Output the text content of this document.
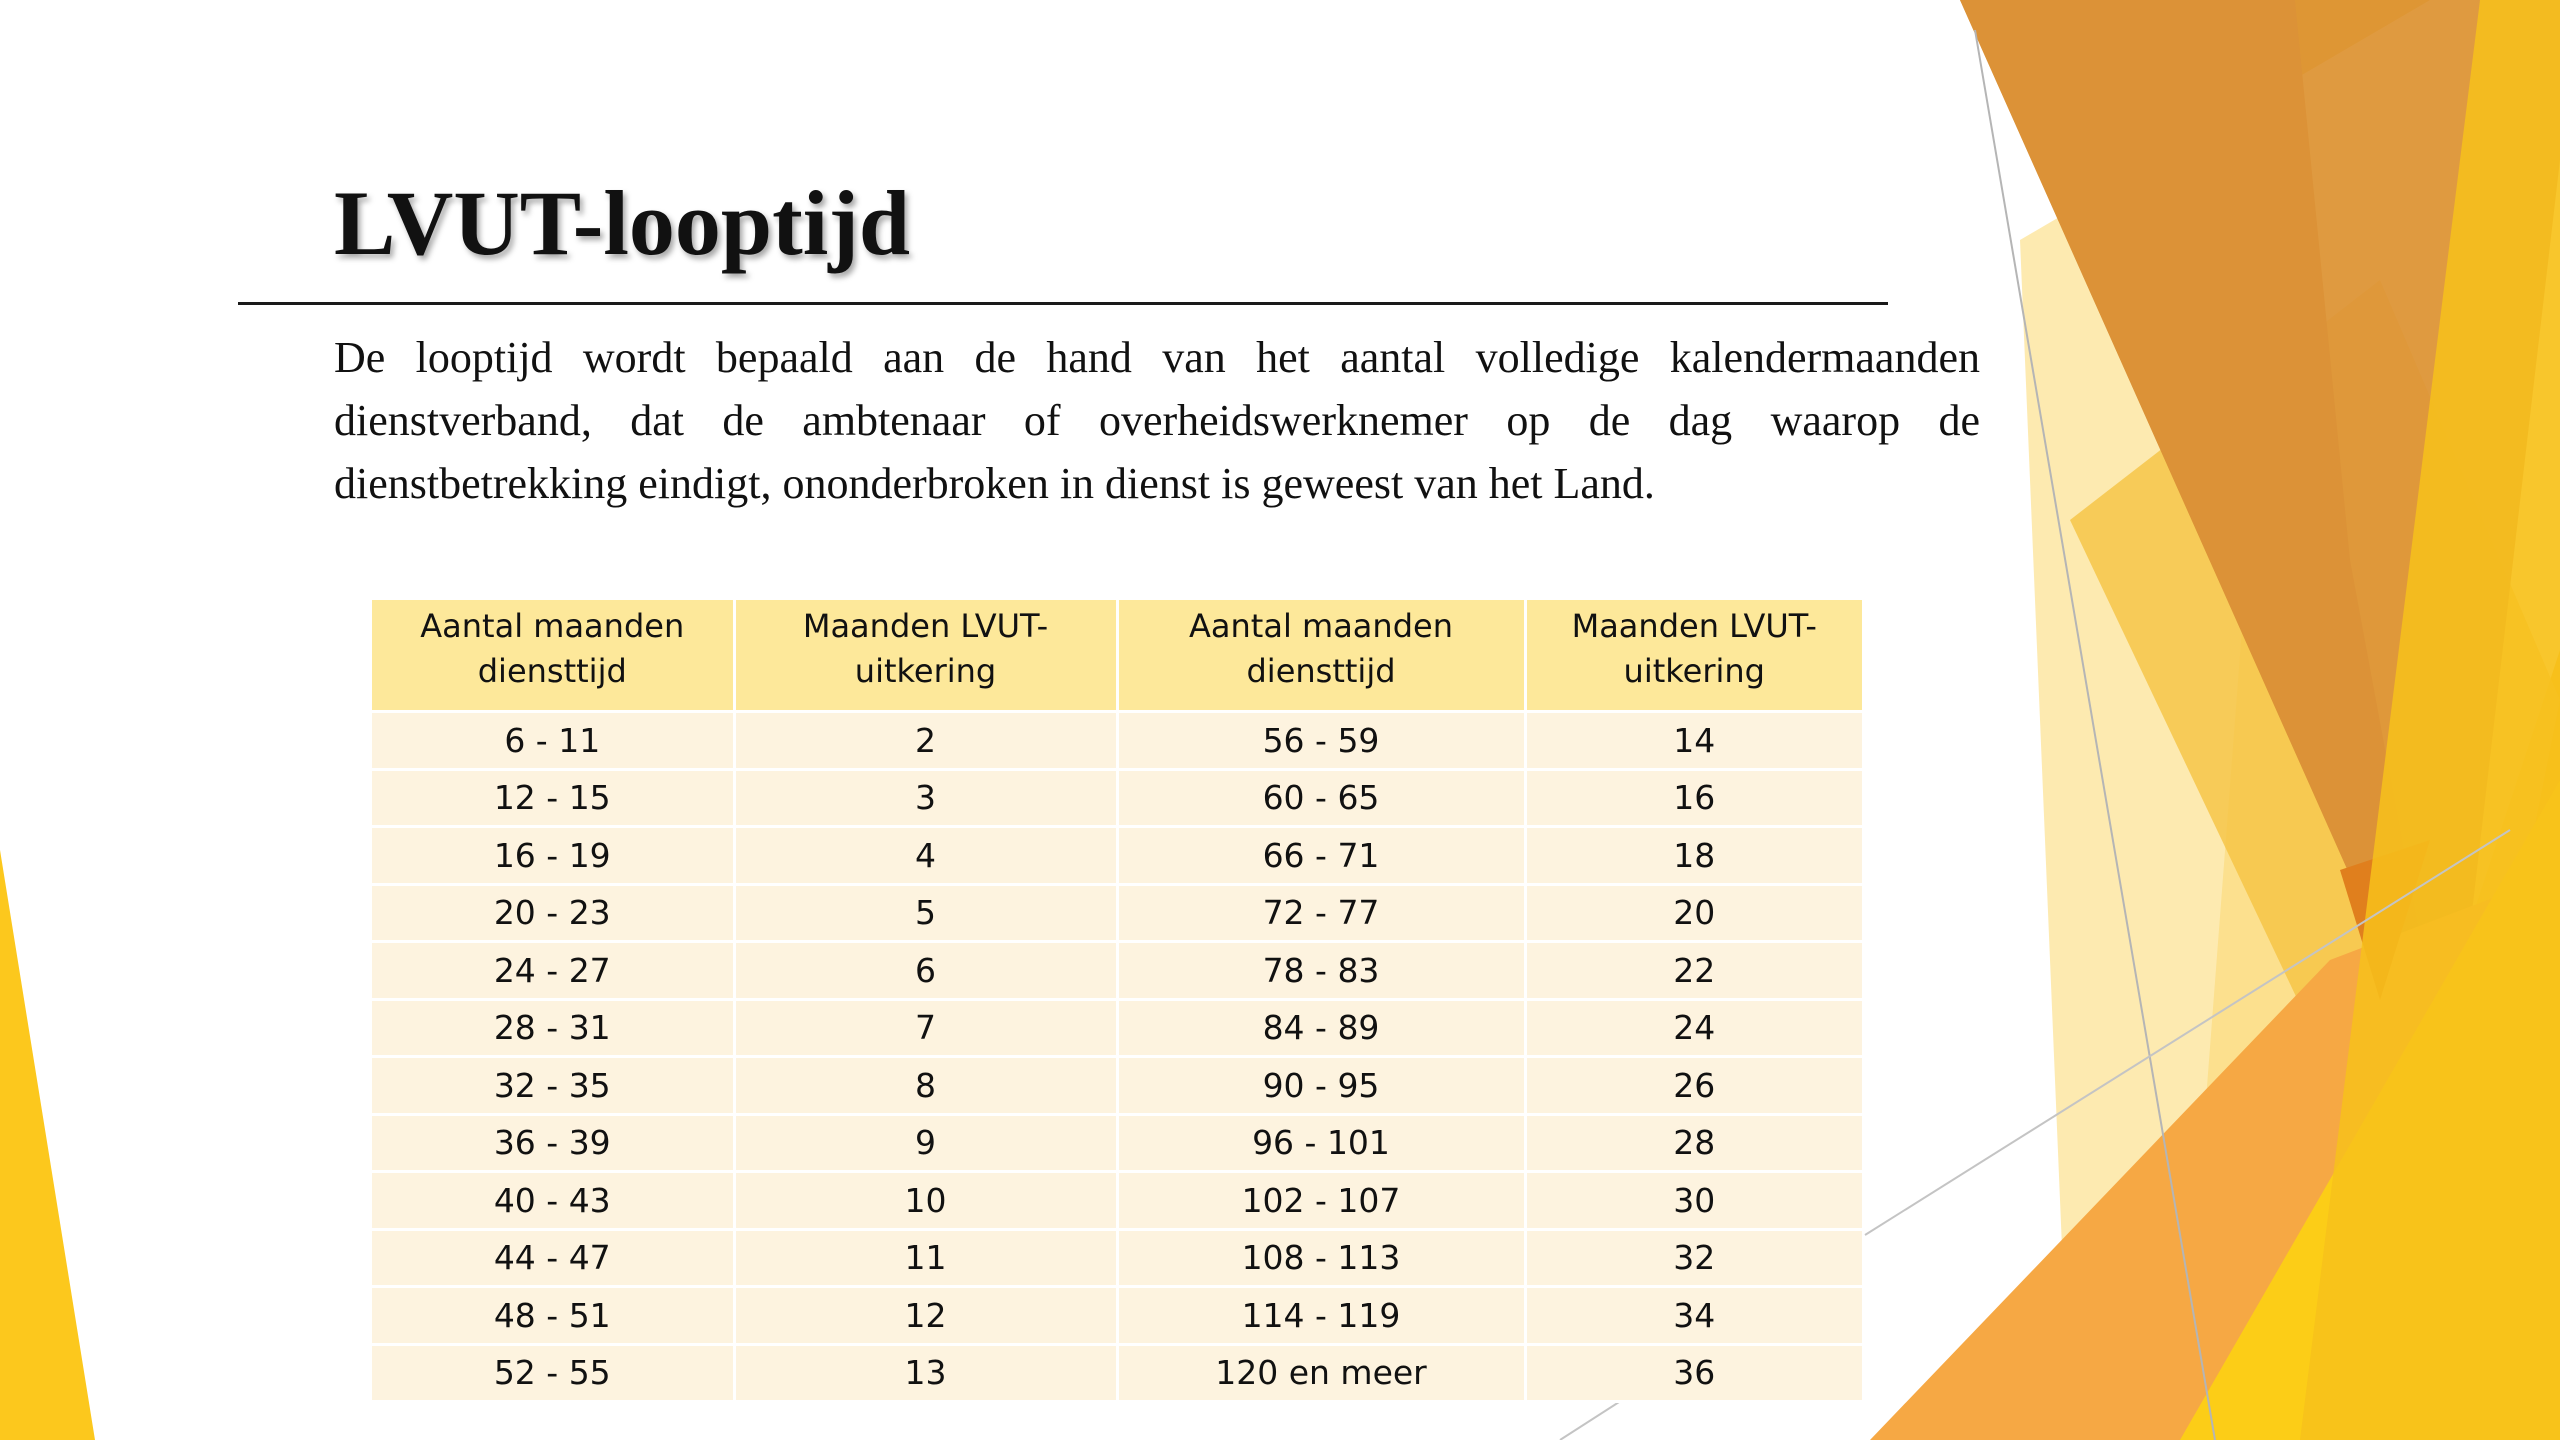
LVUT-looptijd

De looptijd wordt bepaald aan de hand van het aantal volledige kalendermaanden dienstverband, dat de ambtenaar of overheidswerknemer op de dag waarop de dienstbetrekking eindigt, ononderbroken in dienst is geweest van het Land.

Aantal maanden diensttijd	Maanden LVUT- uitkering	Aantal maanden diensttijd	Maanden LVUT- uitkering
6 - 11	2	56 - 59	14
12 - 15	3	60 - 65	16
16 - 19	4	66 - 71	18
20 - 23	5	72 - 77	20
24 - 27	6	78 - 83	22
28 - 31	7	84 - 89	24
32 - 35	8	90 - 95	26
36 - 39	9	96 - 101	28
40 - 43	10	102 - 107	30
44 - 47	11	108 - 113	32
48 - 51	12	114 - 119	34
52 - 55	13	120 en meer	36
